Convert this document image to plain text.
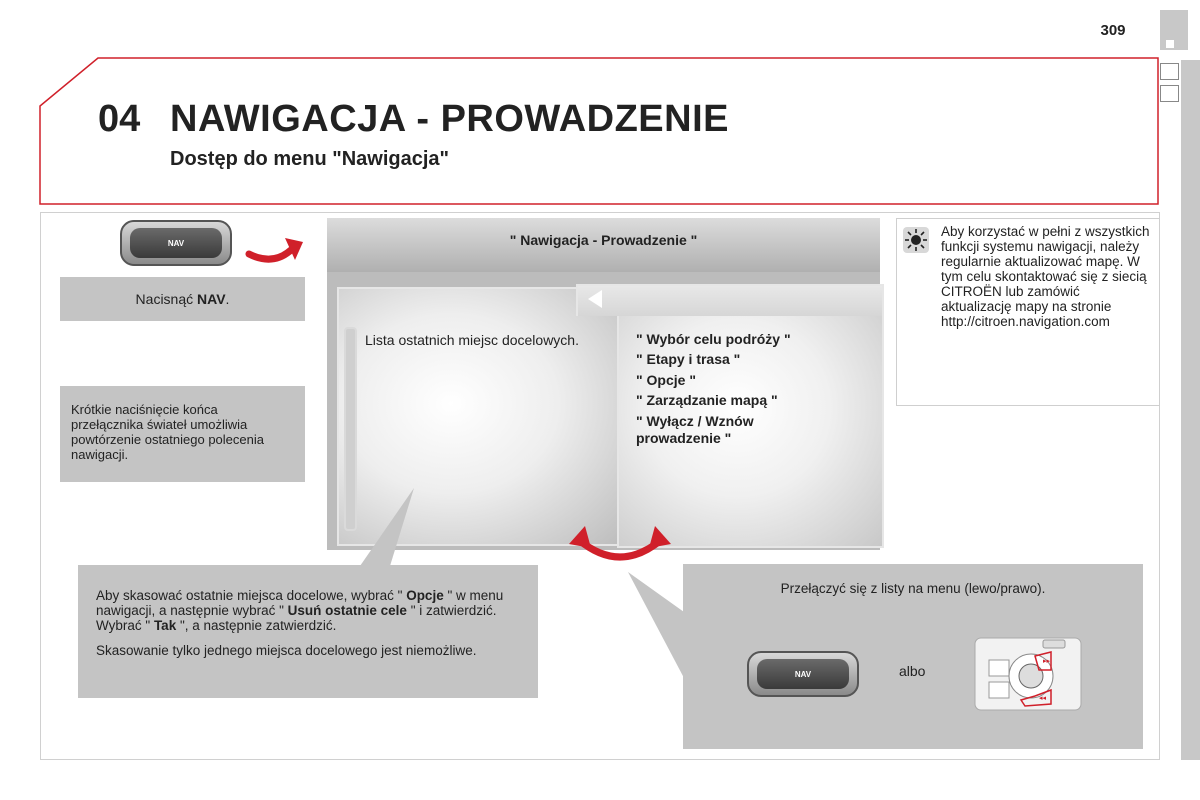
309
04 NAWIGACJA - PROWADZENIE
Dostęp do menu "Nawigacja"
NAV
Nacisnąć NAV.
Krótkie naciśnięcie końca przełącznika świateł umożliwia powtórzenie ostatniego polecenia nawigacji.
" Nawigacja - Prowadzenie "
Lista ostatnich miejsc docelowych.	" Wybór celu podróży "
" Etapy i trasa "
" Opcje "
" Zarządzanie mapą "
" Wyłącz / Wznów prowadzenie "
Aby korzystać w pełni z wszystkich funkcji systemu nawigacji, należy regularnie aktualizować mapę. W tym celu skontaktować się z siecią CITROËN lub zamówić aktualizację mapy na stronie http://citroen.navigation.com
Aby skasować ostatnie miejsca docelowe, wybrać " Opcje " w menu nawigacji, a następnie wybrać " Usuń ostatnie cele " i zatwierdzić. Wybrać " Tak ", a następnie zatwierdzić.
Skasowanie tylko jednego miejsca docelowego jest niemożliwe.
Przełączyć się z listy na menu (lewo/prawo).
NAV	albo
▸▸
◂◂
